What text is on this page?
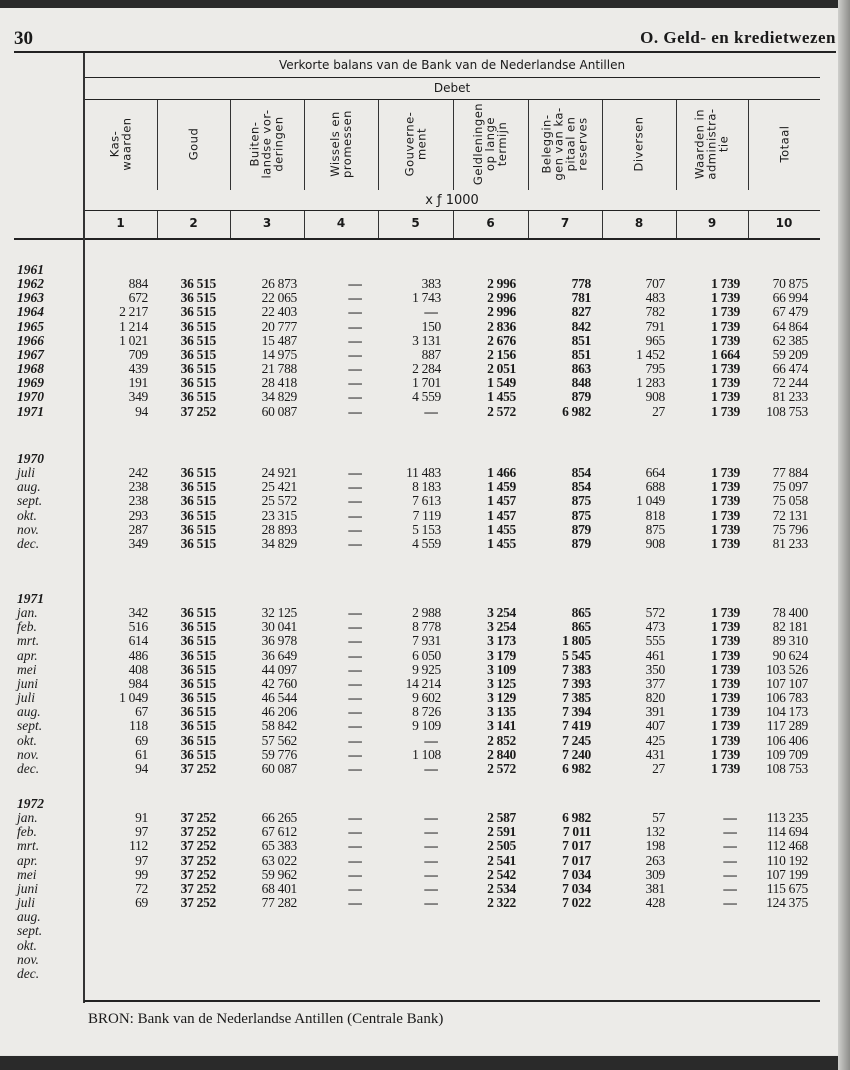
30	O. Geld- en kredietwezen
Verkorte balans van de Bank van de Nederlandse Antillen
Debet
x ƒ 1000
BRON: Bank van de Nederlandse Antillen (Centrale Bank)
Kas-
waarden
1
Goud
2
Buiten-
landse vor-
deringen
3
Wissels en
promessen
4
Gouverne-
ment
5
Geldleningen
op lange
termijn
6
Beleggin-
gen van ka-
pitaal en
reserves
7
Diversen
8
Waarden in
administra-
tie
9
Totaal
10
1961
1962	884	36 515	26 873	—	383	2 996	778	707	1 739	70 875
1963	672	36 515	22 065	—	1 743	2 996	781	483	1 739	66 994
1964	2 217	36 515	22 403	—	—	2 996	827	782	1 739	67 479
1965	1 214	36 515	20 777	—	150	2 836	842	791	1 739	64 864
1966	1 021	36 515	15 487	—	3 131	2 676	851	965	1 739	62 385
1967	709	36 515	14 975	—	887	2 156	851	1 452	1 664	59 209
1968	439	36 515	21 788	—	2 284	2 051	863	795	1 739	66 474
1969	191	36 515	28 418	—	1 701	1 549	848	1 283	1 739	72 244
1970	349	36 515	34 829	—	4 559	1 455	879	908	1 739	81 233
1971	94	37 252	60 087	—	—	2 572	6 982	27	1 739	108 753
1970
juli	242	36 515	24 921	—	11 483	1 466	854	664	1 739	77 884
aug.	238	36 515	25 421	—	8 183	1 459	854	688	1 739	75 097
sept.	238	36 515	25 572	—	7 613	1 457	875	1 049	1 739	75 058
okt.	293	36 515	23 315	—	7 119	1 457	875	818	1 739	72 131
nov.	287	36 515	28 893	—	5 153	1 455	879	875	1 739	75 796
dec.	349	36 515	34 829	—	4 559	1 455	879	908	1 739	81 233
1971
jan.	342	36 515	32 125	—	2 988	3 254	865	572	1 739	78 400
feb.	516	36 515	30 041	—	8 778	3 254	865	473	1 739	82 181
mrt.	614	36 515	36 978	—	7 931	3 173	1 805	555	1 739	89 310
apr.	486	36 515	36 649	—	6 050	3 179	5 545	461	1 739	90 624
mei	408	36 515	44 097	—	9 925	3 109	7 383	350	1 739	103 526
juni	984	36 515	42 760	—	14 214	3 125	7 393	377	1 739	107 107
juli	1 049	36 515	46 544	—	9 602	3 129	7 385	820	1 739	106 783
aug.	67	36 515	46 206	—	8 726	3 135	7 394	391	1 739	104 173
sept.	118	36 515	58 842	—	9 109	3 141	7 419	407	1 739	117 289
okt.	69	36 515	57 562	—	—	2 852	7 245	425	1 739	106 406
nov.	61	36 515	59 776	—	1 108	2 840	7 240	431	1 739	109 709
dec.	94	37 252	60 087	—	—	2 572	6 982	27	1 739	108 753
1972
jan.	91	37 252	66 265	—	—	2 587	6 982	57	—	113 235
feb.	97	37 252	67 612	—	—	2 591	7 011	132	—	114 694
mrt.	112	37 252	65 383	—	—	2 505	7 017	198	—	112 468
apr.	97	37 252	63 022	—	—	2 541	7 017	263	—	110 192
mei	99	37 252	59 962	—	—	2 542	7 034	309	—	107 199
juni	72	37 252	68 401	—	—	2 534	7 034	381	—	115 675
juli	69	37 252	77 282	—	—	2 322	7 022	428	—	124 375
aug.
sept.
okt.
nov.
dec.
